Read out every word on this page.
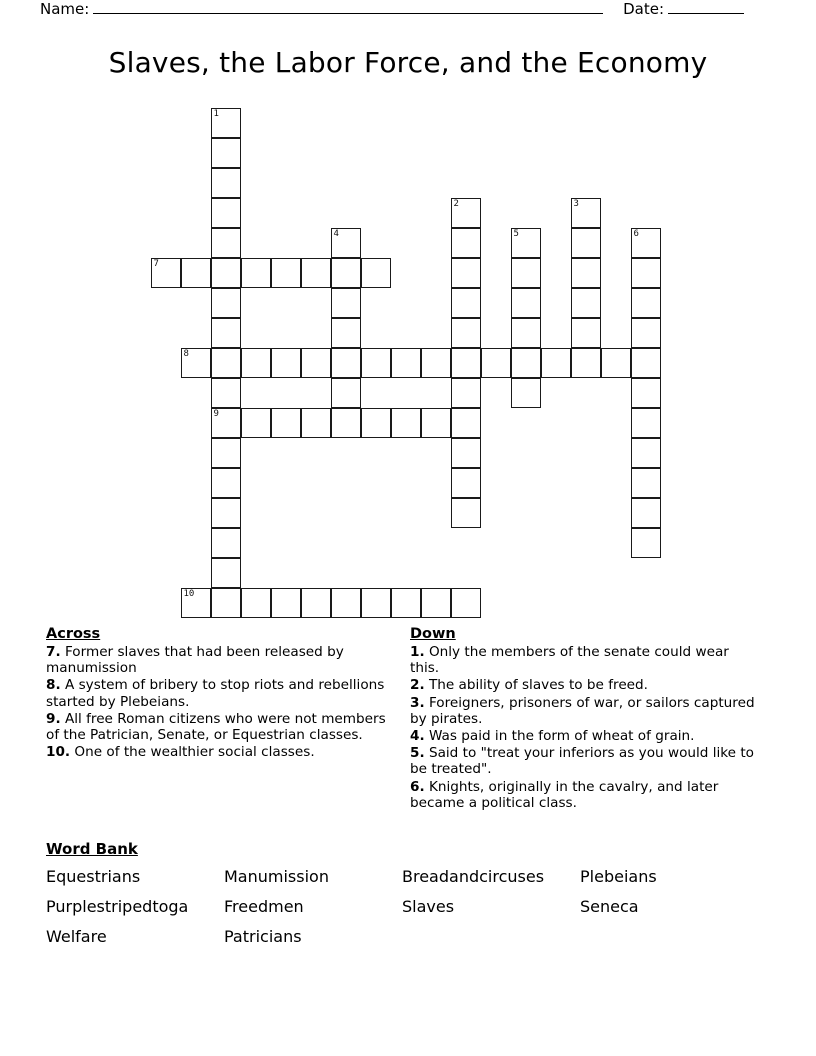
Name:	Date:
Slaves, the Labor Force, and the Economy
1
9
2	3
4	5	6
7
8
10
Across
7. Former slaves that had been released by manumission
8. A system of bribery to stop riots and rebellions started by Plebeians.
9. All free Roman citizens who were not members of the Patrician, Senate, or Equestrian classes.
10. One of the wealthier social classes.
Down
1. Only the members of the senate could wear this.
2. The ability of slaves to be freed.
3. Foreigners, prisoners of war, or sailors captured by pirates.
4. Was paid in the form of wheat of grain.
5. Said to "treat your inferiors as you would like to be treated".
6. Knights, originally in the cavalry, and later became a political class.
Word Bank
Equestrians	Manumission	Breadandcircuses	Plebeians
Purplestripedtoga	Freedmen	Slaves	Seneca
Welfare	Patricians
